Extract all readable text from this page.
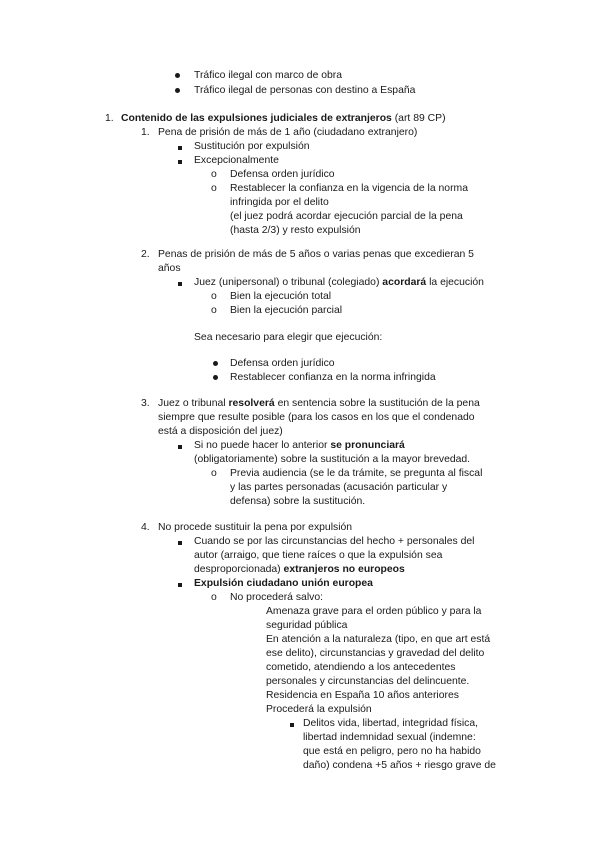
Tráfico ilegal con marco de obra
Tráfico ilegal de personas con destino a España
1. Contenido de las expulsiones judiciales de extranjeros (art 89 CP)
1. Pena de prisión de más de 1 año (ciudadano extranjero)
Sustitución por expulsión
Excepcionalmente
o Defensa orden jurídico
o Restablecer la confianza en la vigencia de la norma
infringida por el delito
(el juez podrá acordar ejecución parcial de la pena
(hasta 2/3) y resto expulsión
2. Penas de prisión de más de 5 años o varias penas que excedieran 5
años
Juez (unipersonal) o tribunal (colegiado) acordará la ejecución
o Bien la ejecución total
o Bien la ejecución parcial
Sea necesario para elegir que ejecución:
Defensa orden jurídico
Restablecer confianza en la norma infringida
3. Juez o tribunal resolverá en sentencia sobre la sustitución de la pena
siempre que resulte posible (para los casos en los que el condenado
está a disposición del juez)
Si no puede hacer lo anterior se pronunciará
(obligatoriamente) sobre la sustitución a la mayor brevedad.
o Previa audiencia (se le da trámite, se pregunta al fiscal
y las partes personadas (acusación particular y
defensa) sobre la sustitución.
4. No procede sustituir la pena por expulsión
Cuando se por las circunstancias del hecho + personales del
autor (arraigo, que tiene raíces o que la expulsión sea
desproporcionada) extranjeros no europeos
Expulsión ciudadano unión europea
o No procederá salvo:
Amenaza grave para el orden público y para la
seguridad pública
En atención a la naturaleza (tipo, en que art está
ese delito), circunstancias y gravedad del delito
cometido, atendiendo a los antecedentes
personales y circunstancias del delincuente.
Residencia en España 10 años anteriores
Procederá la expulsión
Delitos vida, libertad, integridad física,
libertad indemnidad sexual (indemne:
que está en peligro, pero no ha habido
daño) condena +5 años + riesgo grave de
